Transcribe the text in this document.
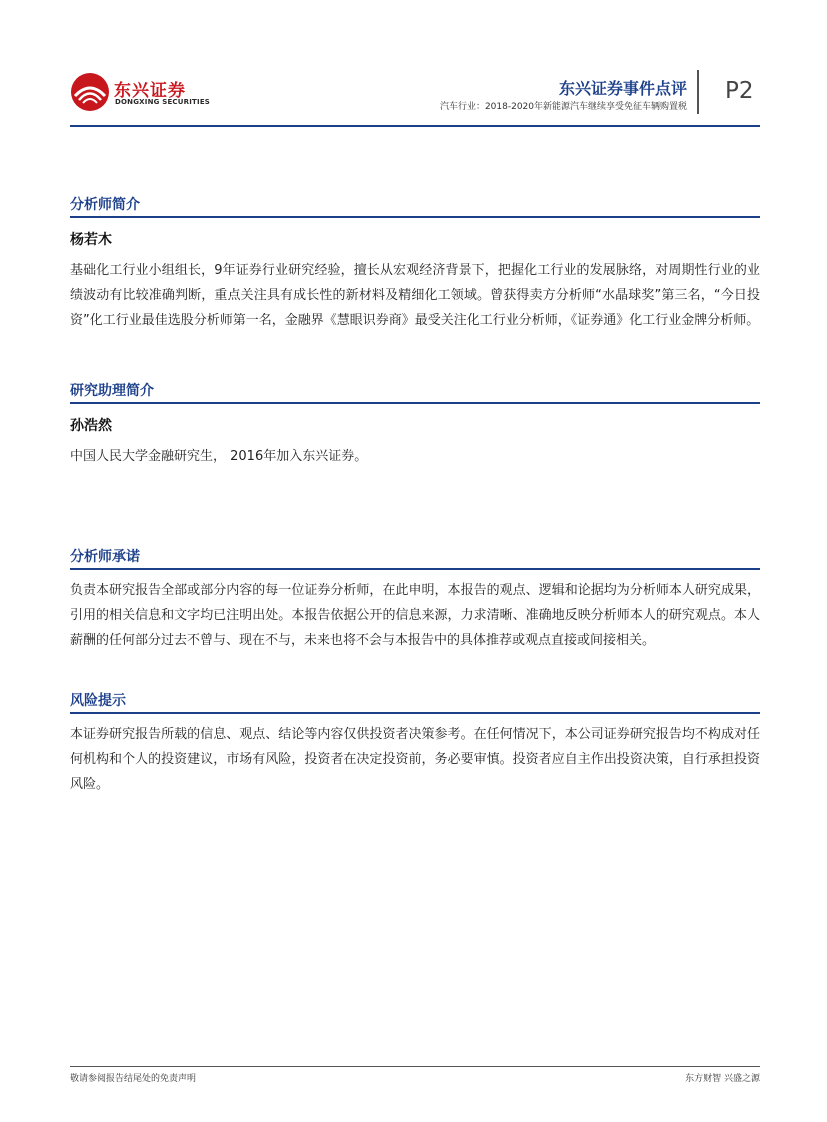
东兴证券
DONGXING SECURITIES
东兴证券事件点评
汽车行业：2018-2020年新能源汽车继续享受免征车辆购置税
P2
分析师简介
杨若木
基础化工行业小组组长，9年证券行业研究经验，擅长从宏观经济背景下，把握化工行业的发展脉络，对周期性行业的业绩波动有比较准确判断，重点关注具有成长性的新材料及精细化工领域。曾获得卖方分析师“水晶球奖”第三名，“今日投资”化工行业最佳选股分析师第一名，金融界《慧眼识券商》最受关注化工行业分析师，《证券通》化工行业金牌分析师。
研究助理简介
孙浩然
中国人民大学金融研究生， 2016年加入东兴证券。
分析师承诺
负责本研究报告全部或部分内容的每一位证券分析师，在此申明，本报告的观点、逻辑和论据均为分析师本人研究成果，引用的相关信息和文字均已注明出处。本报告依据公开的信息来源，力求清晰、准确地反映分析师本人的研究观点。本人薪酬的任何部分过去不曾与、现在不与，未来也将不会与本报告中的具体推荐或观点直接或间接相关。
风险提示
本证券研究报告所载的信息、观点、结论等内容仅供投资者决策参考。在任何情况下，本公司证券研究报告均不构成对任何机构和个人的投资建议，市场有风险，投资者在决定投资前，务必要审慎。投资者应自主作出投资决策，自行承担投资风险。
敬请参阅报告结尾处的免责声明	东方财智 兴盛之源
